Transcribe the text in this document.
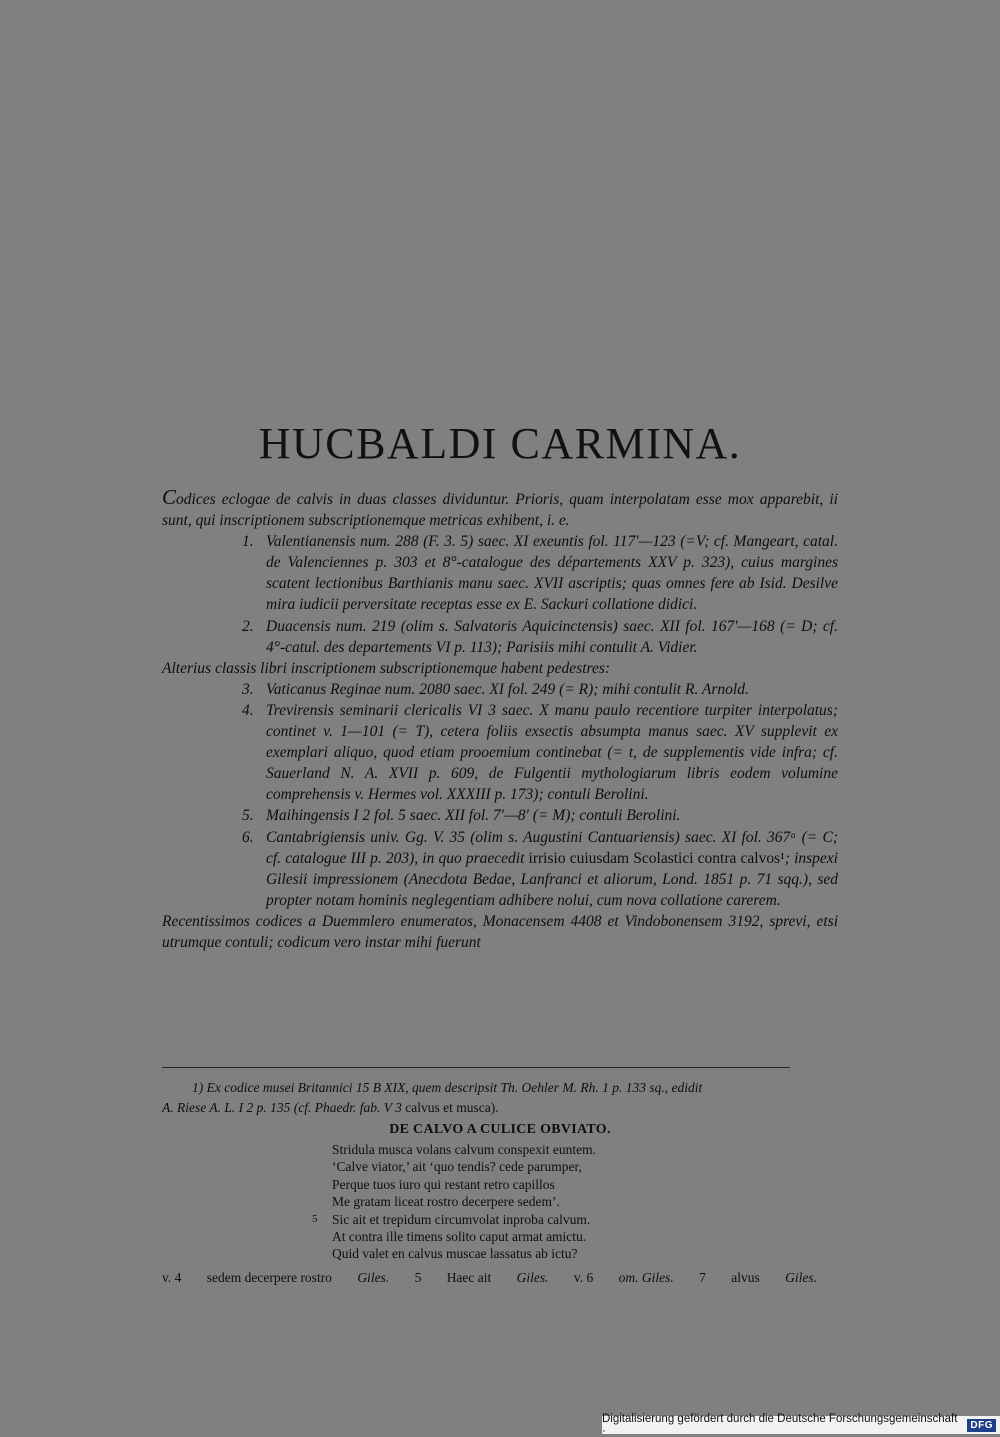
HUCBALDI CARMINA.

Codices eclogae de calvis in duas classes dividuntur. Prioris, quam interpolatam esse mox apparebit, ii sunt, qui inscriptionem subscriptionemque metricas exhibent, i. e.

1. Valentianensis num. 288 (F. 3. 5) saec. XI exeuntis fol. 117′—123 (=V; cf. Mangeart, catal. de Valenciennes p. 303 et 8°-catalogue des départements XXV p. 323), cuius margines scatent lectionibus Barthianis manu saec. XVII ascriptis; quas omnes fere ab Isid. Desilve mira iudicii perversitate receptas esse ex E. Sackuri collatione didici.
2. Duacensis num. 219 (olim s. Salvatoris Aquicinctensis) saec. XII fol. 167′—168 (= D; cf. 4°-catul. des departements VI p. 113); Parisiis mihi contulit A. Vidier.

Alterius classis libri inscriptionem subscriptionemque habent pedestres:

3. Vaticanus Reginae num. 2080 saec. XI fol. 249 (= R); mihi contulit R. Arnold.
4. Trevirensis seminarii clericalis VI 3 saec. X manu paulo recentiore turpiter interpolatus; continet v. 1—101 (= T), cetera foliis exsectis absumpta manus saec. XV supplevit ex exemplari aliquo, quod etiam prooemium continebat (= t, de supplementis vide infra; cf. Sauerland N. A. XVII p. 609, de Fulgentii mythologiarum libris eodem volumine comprehensis v. Hermes vol. XXXIII p. 173); contuli Berolini.
5. Maihingensis I 2 fol. 5 saec. XII fol. 7′—8′ (= M); contuli Berolini.
6. Cantabrigiensis univ. Gg. V. 35 (olim s. Augustini Cantuariensis) saec. XI fol. 367ᵃ (= C; cf. catalogue III p. 203), in quo praecedit irrisio cuiusdam Scolastici contra calvos¹; inspexi Gilesii impressionem (Anecdota Bedae, Lanfranci et aliorum, Lond. 1851 p. 71 sqq.), sed propter notam hominis neglegentiam adhibere nolui, cum nova collatione carerem.

Recentissimos codices a Duemmlero enumeratos, Monacensem 4408 et Vindobonensem 3192, sprevi, etsi utrumque contuli; codicum vero instar mihi fuerunt

1) Ex codice musei Britannici 15 B XIX, quem descripsit Th. Oehler M. Rh. 1 p. 133 sq., edidit

A. Riese A. L. I 2 p. 135 (cf. Phaedr. fab. V 3 calvus et musca).

DE CALVO A CULICE OBVIATO.
Stridula musca volans calvum conspexit euntem.
‘Calve viator,’ ait ‘quo tendis? cede parumper,
Perque tuos iuro qui restant retro capillos
Me gratam liceat rostro decerpere sedem’.
5 Sic ait et trepidum circumvolat inproba calvum.
At contra ille timens solito caput armat amictu.
Quid valet en calvus muscae lassatus ab ictu?
v. 4 sedem decerpere rostro Giles. 5 Haec ait Giles. v. 6 om. Giles. 7 alvus Giles.
Digitalisierung gefördert durch die Deutsche Forschungsgemeinschaft ·	DFG
